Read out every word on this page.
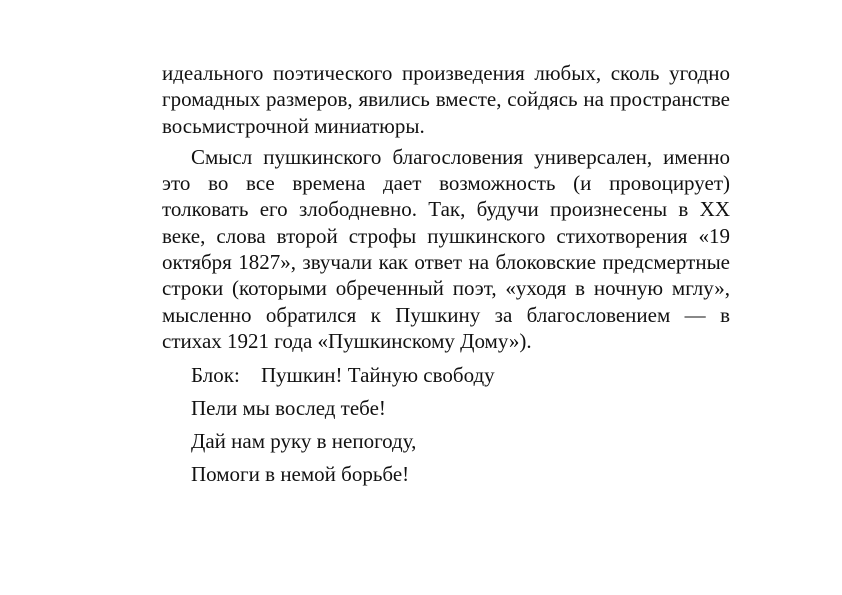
идеального поэтического произведения любых, сколь угодно громадных размеров, явились вместе, сойдясь на пространстве восьмистрочной миниатюры.

Смысл пушкинского благословения универсален, именно это во все времена дает возможность (и провоцирует) толковать его злободневно. Так, будучи произнесены в XX веке, слова второй строфы пушкинского стихотворения «19 октября 1827», звучали как ответ на блоковские предсмертные строки (которыми обреченный поэт, «уходя в ночную мглу», мысленно обратился к Пушкину за благословением — в стихах 1921 года «Пушкинскому Дому»).

Блок: Пушкин! Тайную свободу

Пели мы вослед тебе!

Дай нам руку в непогоду,

Помоги в немой борьбе!
